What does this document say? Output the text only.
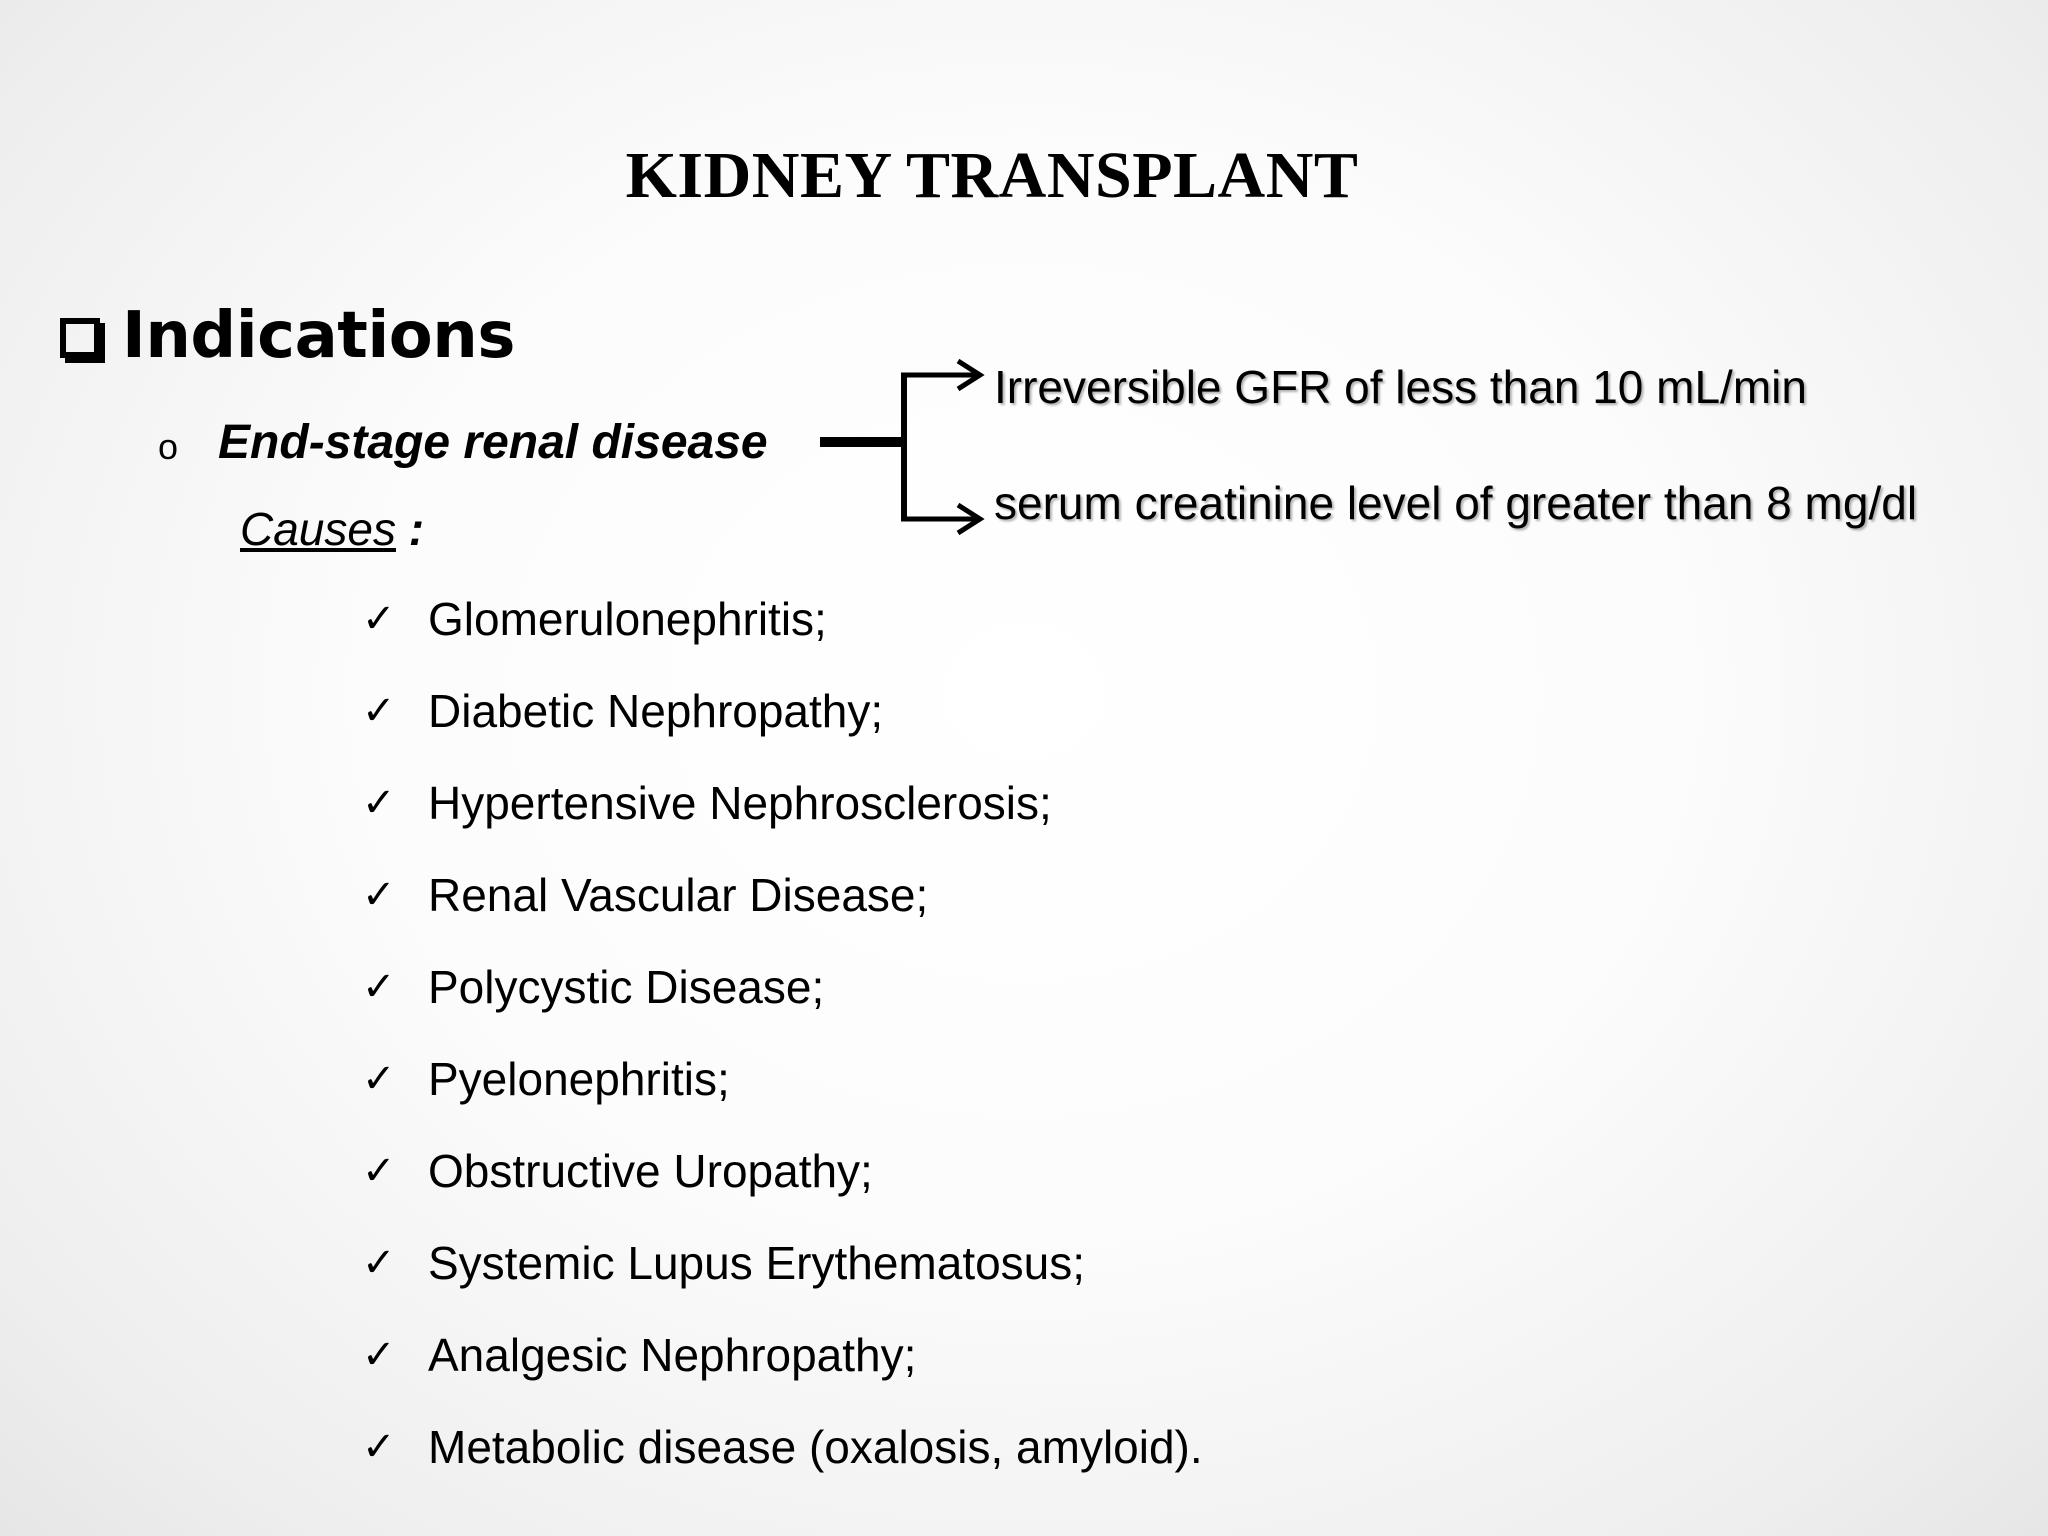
KIDNEY TRANSPLANT
Indications
o End-stage renal disease
Irreversible GFR of less than 10 mL/min
serum creatinine level of greater than 8 mg/dl
Causes :
✓ Glomerulonephritis;
✓ Diabetic Nephropathy;
✓ Hypertensive Nephrosclerosis;
✓ Renal Vascular Disease;
✓ Polycystic Disease;
✓ Pyelonephritis;
✓ Obstructive Uropathy;
✓ Systemic Lupus Erythematosus;
✓ Analgesic Nephropathy;
✓ Metabolic disease (oxalosis, amyloid).
